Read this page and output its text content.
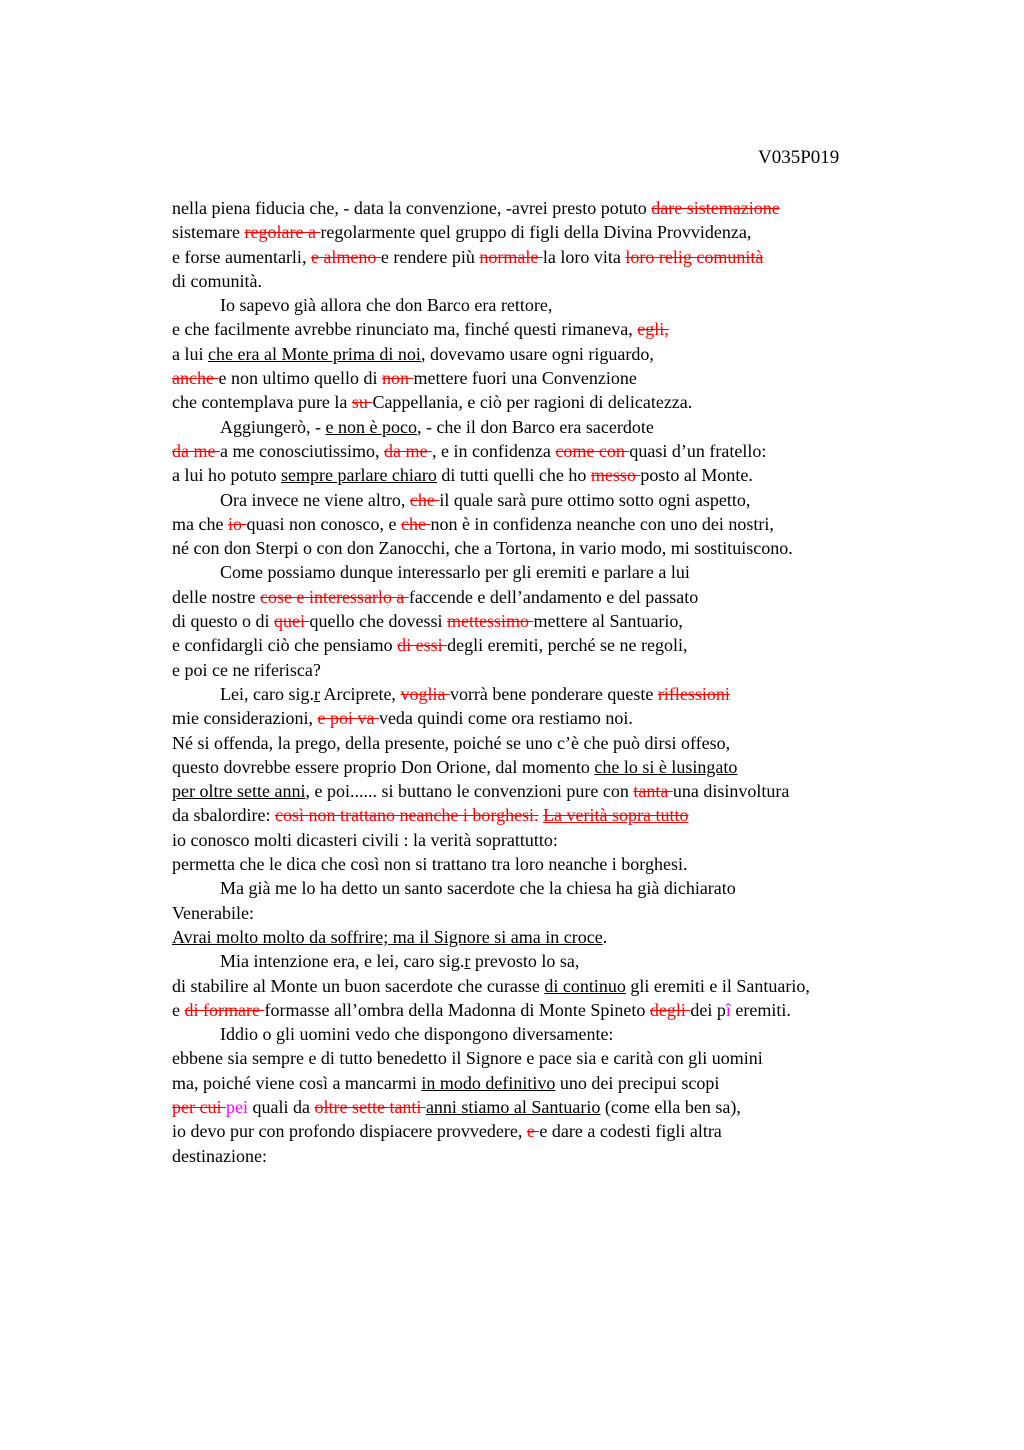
V035P019
nella piena fiducia che, - data la convenzione, -avrei presto potuto dare sistemazione
sistemare regolare a regolarmente quel gruppo di figli della Divina Provvidenza,
e forse aumentarli, e almeno e rendere più normale la loro vita loro relig comunità
di comunità.
Io sapevo già allora che don Barco era rettore,
e che facilmente avrebbe rinunciato ma, finché questi rimaneva, egli,
a lui che era al Monte prima di noi, dovevamo usare ogni riguardo,
anche e non ultimo quello di non mettere fuori una Convenzione
che contemplava pure la su Cappellania, e ciò per ragioni di delicatezza.
Aggiungerò, - e non è poco, - che il don Barco era sacerdote
da me a me conosciutissimo, da me , e in confidenza come con quasi d’un fratello:
a lui ho potuto sempre parlare chiaro di tutti quelli che ho messo posto al Monte.
Ora invece ne viene altro, che il quale sarà pure ottimo sotto ogni aspetto,
ma che io quasi non conosco, e che non è in confidenza neanche con uno dei nostri,
né con don Sterpi o con don Zanocchi, che a Tortona, in vario modo, mi sostituiscono.
Come possiamo dunque interessarlo per gli eremiti e parlare a lui
delle nostre cose e interessarlo a faccende e dell’andamento e del passato
di questo o di quei quello che dovessi mettessimo mettere al Santuario,
e confidargli ciò che pensiamo di essi degli eremiti, perché se ne regoli,
e poi ce ne riferisca?
Lei, caro sig.r Arciprete, voglia vorrà bene ponderare queste riflessioni
mie considerazioni, e poi va veda quindi come ora restiamo noi.
Né si offenda, la prego, della presente, poiché se uno c’è che può dirsi offeso,
questo dovrebbe essere proprio Don Orione, dal momento che lo si è lusingato
per oltre sette anni, e poi...... si buttano le convenzioni pure con tanta una disinvoltura
da sbalordire: così non trattano neanche i borghesi. La verità sopra tutto
io conosco molti dicasteri civili : la verità soprattutto:
permetta che le dica che così non si trattano tra loro neanche i borghesi.
Ma già me lo ha detto un santo sacerdote che la chiesa ha già dichiarato
Venerabile:
Avrai molto molto da soffrire; ma il Signore si ama in croce.
Mia intenzione era, e lei, caro sig.r prevosto lo sa,
di stabilire al Monte un buon sacerdote che curasse di continuo gli eremiti e il Santuario,
e di formare formasse all’ombra della Madonna di Monte Spineto degli dei pî eremiti.
Iddio o gli uomini vedo che dispongono diversamente:
ebbene sia sempre e di tutto benedetto il Signore e pace sia e carità con gli uomini
ma, poiché viene così a mancarmi in modo definitivo uno dei precipui scopi
per cui pei quali da oltre sette tanti anni stiamo al Santuario (come ella ben sa),
io devo pur con profondo dispiacere provvedere, e e dare a codesti figli altra
destinazione:
